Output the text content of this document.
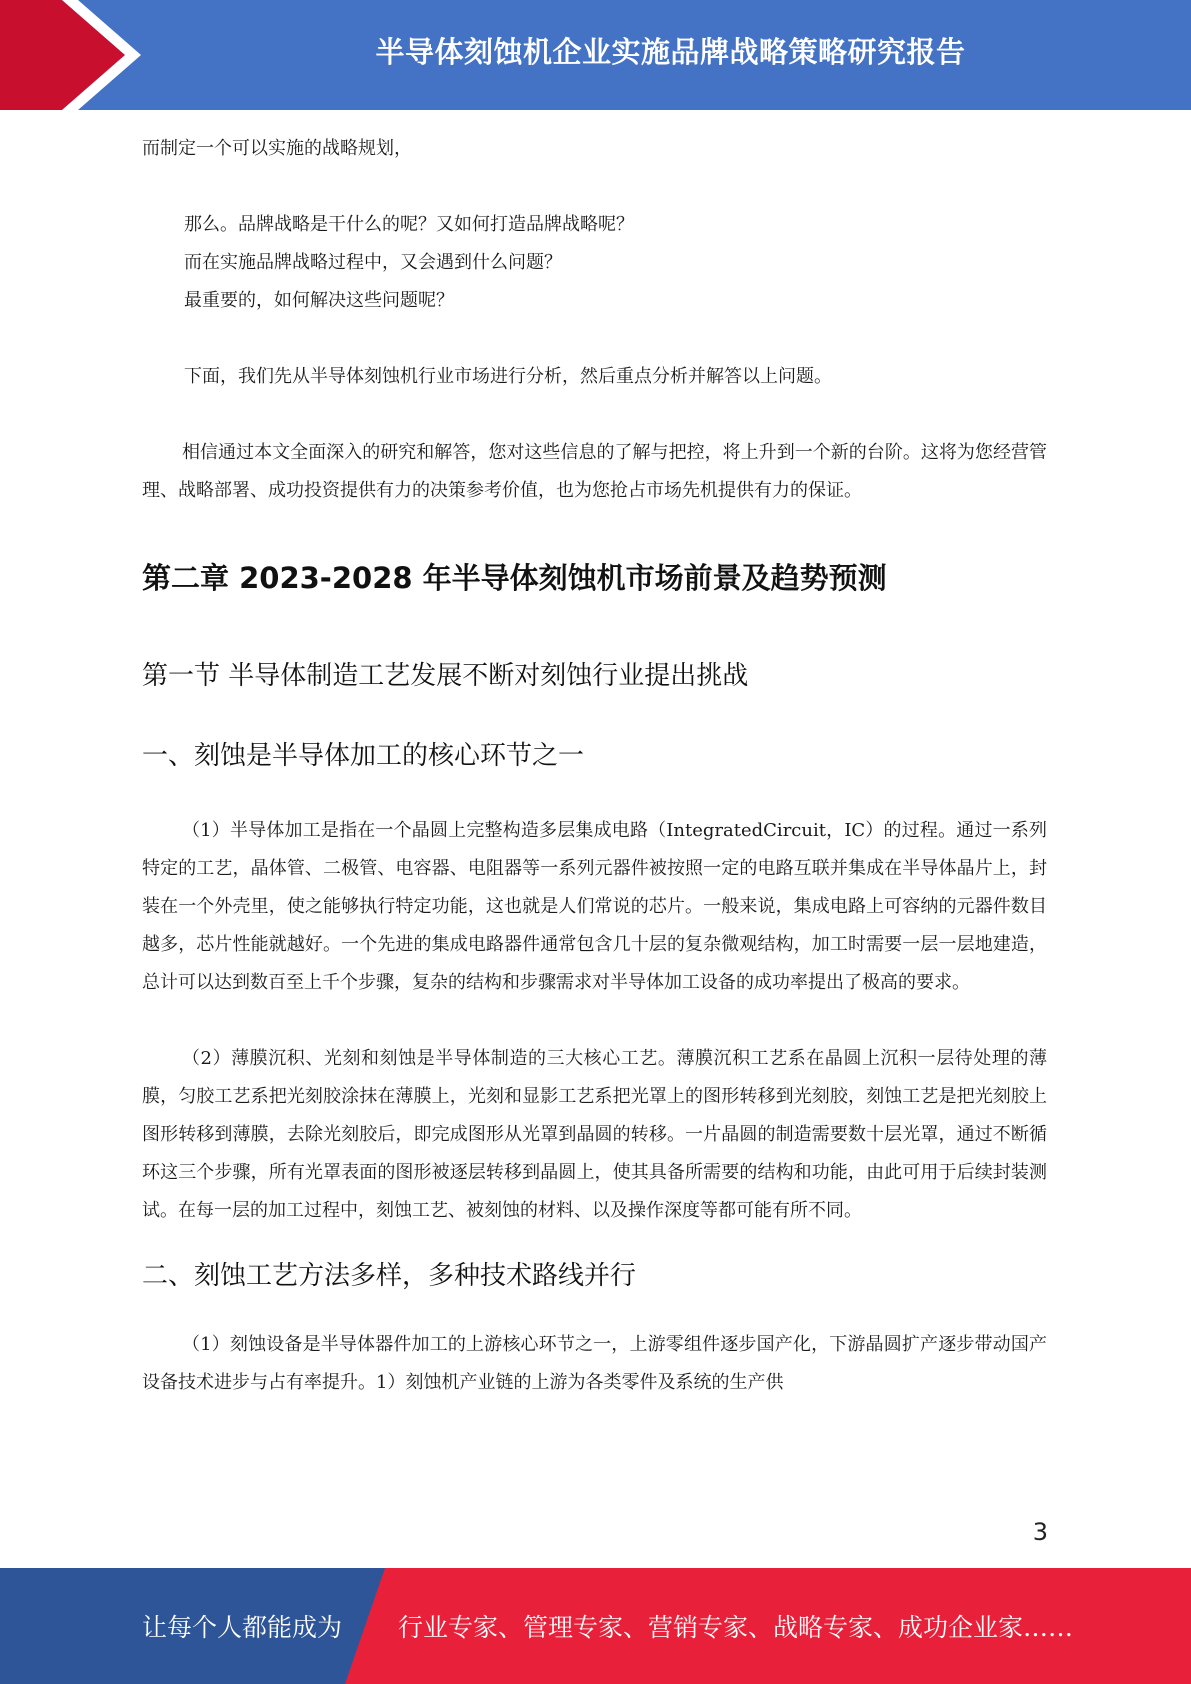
半导体刻蚀机企业实施品牌战略策略研究报告

而制定一个可以实施的战略规划，

那么。品牌战略是干什么的呢？又如何打造品牌战略呢？

而在实施品牌战略过程中，又会遇到什么问题？

最重要的，如何解决这些问题呢？

下面，我们先从半导体刻蚀机行业市场进行分析，然后重点分析并解答以上问题。

相信通过本文全面深入的研究和解答，您对这些信息的了解与把控，将上升到一个新的台阶。这将为您经营管理、战略部署、成功投资提供有力的决策参考价值，也为您抢占市场先机提供有力的保证。

第二章 2023-2028 年半导体刻蚀机市场前景及趋势预测
第一节 半导体制造工艺发展不断对刻蚀行业提出挑战
一、刻蚀是半导体加工的核心环节之一

（1）半导体加工是指在一个晶圆上完整构造多层集成电路（IntegratedCircuit，IC）的过程。通过一系列特定的工艺，晶体管、二极管、电容器、电阻器等一系列元器件被按照一定的电路互联并集成在半导体晶片上，封装在一个外壳里，使之能够执行特定功能，这也就是人们常说的芯片。一般来说，集成电路上可容纳的元器件数目越多，芯片性能就越好。一个先进的集成电路器件通常包含几十层的复杂微观结构，加工时需要一层一层地建造，总计可以达到数百至上千个步骤，复杂的结构和步骤需求对半导体加工设备的成功率提出了极高的要求。

（2）薄膜沉积、光刻和刻蚀是半导体制造的三大核心工艺。薄膜沉积工艺系在晶圆上沉积一层待处理的薄膜，匀胶工艺系把光刻胶涂抹在薄膜上，光刻和显影工艺系把光罩上的图形转移到光刻胶，刻蚀工艺是把光刻胶上图形转移到薄膜，去除光刻胶后，即完成图形从光罩到晶圆的转移。一片晶圆的制造需要数十层光罩，通过不断循环这三个步骤，所有光罩表面的图形被逐层转移到晶圆上，使其具备所需要的结构和功能，由此可用于后续封装测试。在每一层的加工过程中，刻蚀工艺、被刻蚀的材料、以及操作深度等都可能有所不同。

二、刻蚀工艺方法多样，多种技术路线并行

（1）刻蚀设备是半导体器件加工的上游核心环节之一，上游零组件逐步国产化，下游晶圆扩产逐步带动国产设备技术进步与占有率提升。1）刻蚀机产业链的上游为各类零件及系统的生产供

3
让每个人都能成为 行业专家、管理专家、营销专家、战略专家、成功企业家……
